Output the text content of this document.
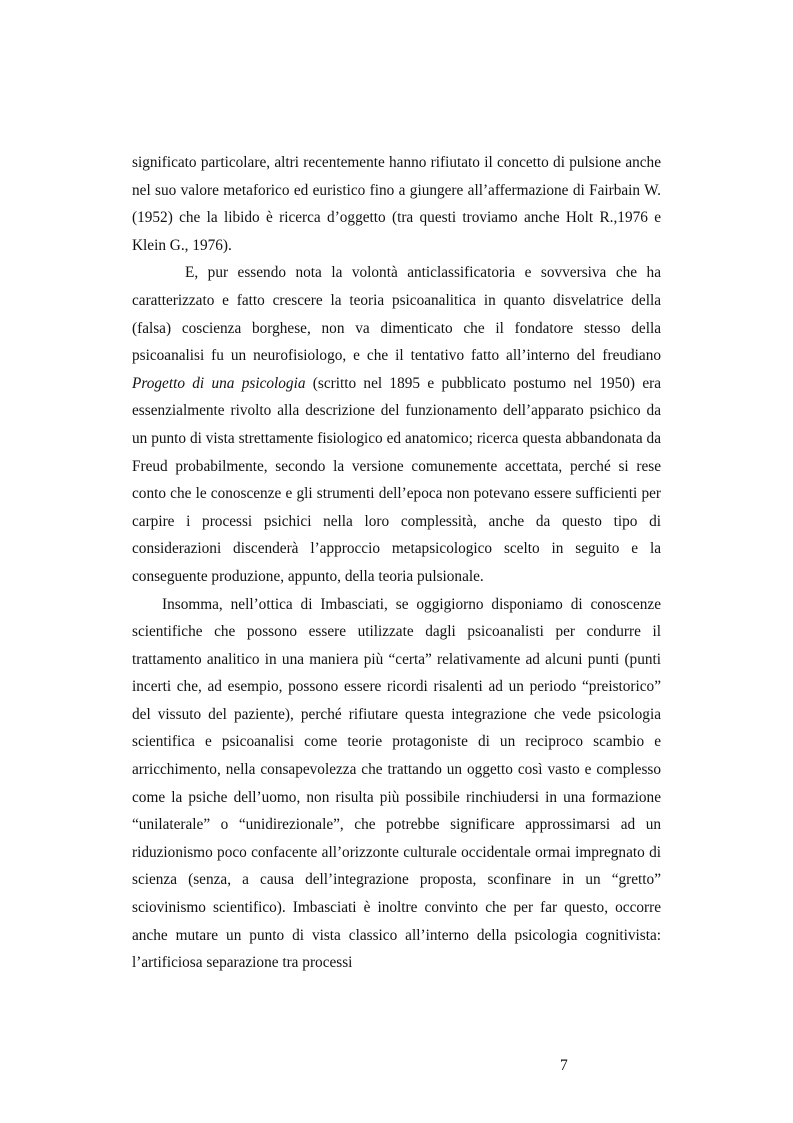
significato particolare, altri recentemente hanno rifiutato il concetto di pulsione anche nel suo valore metaforico ed euristico fino a giungere all’affermazione di Fairbain W. (1952) che la libido è ricerca d’oggetto (tra questi troviamo anche Holt R.,1976 e Klein G., 1976).

E, pur essendo nota la volontà anticlassificatoria e sovversiva che ha caratterizzato e fatto crescere la teoria psicoanalitica in quanto disvelatrice della (falsa) coscienza borghese, non va dimenticato che il fondatore stesso della psicoanalisi fu un neurofisiologo, e che il tentativo fatto all’interno del freudiano Progetto di una psicologia (scritto nel 1895 e pubblicato postumo nel 1950) era essenzialmente rivolto alla descrizione del funzionamento dell’apparato psichico da un punto di vista strettamente fisiologico ed anatomico; ricerca questa abbandonata da Freud probabilmente, secondo la versione comunemente accettata, perché si rese conto che le conoscenze e gli strumenti dell’epoca non potevano essere sufficienti per carpire i processi psichici nella loro complessità, anche da questo tipo di considerazioni discenderà l’approccio metapsicologico scelto in seguito e la conseguente produzione, appunto, della teoria pulsionale.

Insomma, nell’ottica di Imbasciati, se oggigiorno disponiamo di conoscenze scientifiche che possono essere utilizzate dagli psicoanalisti per condurre il trattamento analitico in una maniera più “certa” relativamente ad alcuni punti (punti incerti che, ad esempio, possono essere ricordi risalenti ad un periodo “preistorico” del vissuto del paziente), perché rifiutare questa integrazione che vede psicologia scientifica e psicoanalisi come teorie protagoniste di un reciproco scambio e arricchimento, nella consapevolezza che trattando un oggetto così vasto e complesso come la psiche dell’uomo, non risulta più possibile rinchiudersi in una formazione “unilaterale” o “unidirezionale”, che potrebbe significare approssimarsi ad un riduzionismo poco confacente all’orizzonte culturale occidentale ormai impregnato di scienza (senza, a causa dell’integrazione proposta, sconfinare in un “gretto” sciovinismo scientifico). Imbasciati è inoltre convinto che per far questo, occorre anche mutare un punto di vista classico all’interno della psicologia cognitivista: l’artificiosa separazione tra processi

7
